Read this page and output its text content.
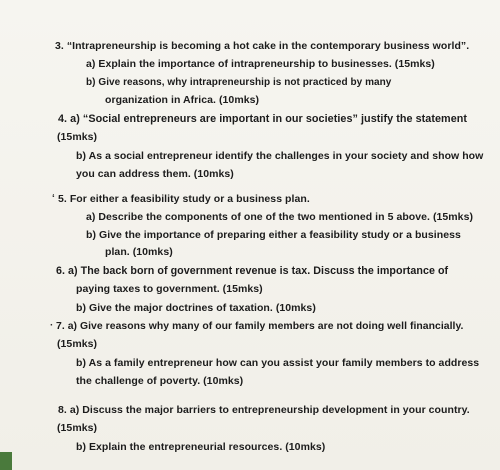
3. “Intrapreneurship is becoming a hot cake in the contemporary business world”.
a) Explain the importance of intrapreneurship to businesses. (15mks)
b) Give reasons, why intrapreneurship is not practiced by many
organization in Africa. (10mks)
4. a) “Social entrepreneurs are important in our societies” justify the statement
(15mks)
b) As a social entrepreneur identify the challenges in your society and show how
you can address them. (10mks)
ʻ 5. For either a feasibility study or a business plan.
a) Describe the components of one of the two mentioned in 5 above. (15mks)
b) Give the importance of preparing either a feasibility study or a business
plan. (10mks)
6. a) The back born of government revenue is tax. Discuss the importance of
paying taxes to government. (15mks)
b) Give the major doctrines of taxation. (10mks)
· 7. a) Give reasons why many of our family members are not doing well financially.
(15mks)
b) As a family entrepreneur how can you assist your family members to address
the challenge of poverty. (10mks)
8. a) Discuss the major barriers to entrepreneurship development in your country.
(15mks)
b) Explain the entrepreneurial resources. (10mks)
